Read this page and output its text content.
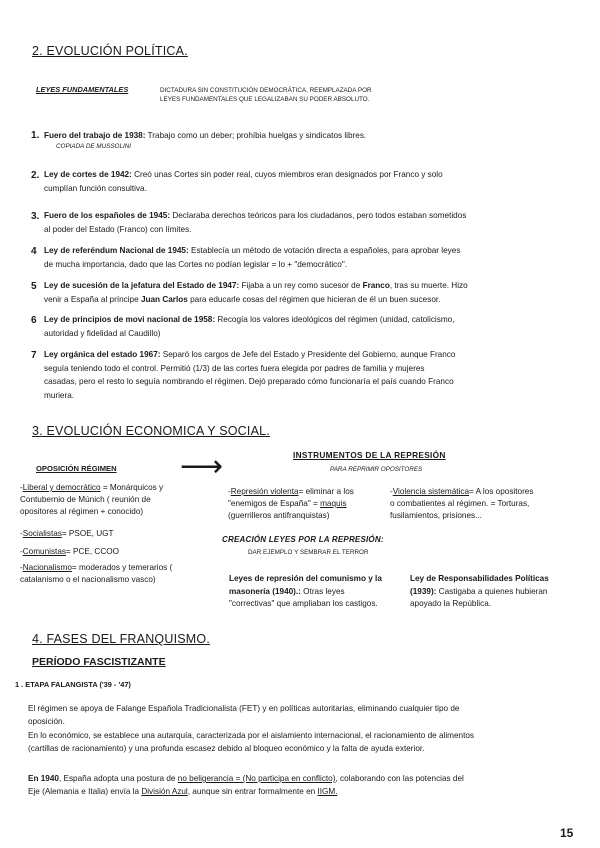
2. EVOLUCIÓN POLÍTICA.
LEYES FUNDAMENTALES	DICTADURA SIN CONSTITUCIÓN DEMOCRÁTICA, REEMPLAZADA POR
LEYES FUNDAMENTALES QUE LEGALIZABAN SU PODER ABSOLUTO.
1. Fuero del trabajo de 1938: Trabajo como un deber; prohíbia huelgas y sindicatos libres.
COPIADA DE MUSSOLINI
2. Ley de cortes de 1942: Creó unas Cortes sin poder real, cuyos miembros eran designados por Franco y solo
cumplían función consultiva.
3. Fuero de los españoles de 1945: Declaraba derechos teóricos para los ciudadanos, pero todos estaban sometidos
al poder del Estado (Franco) con límites.
4 Ley de referéndum Nacional de 1945: Establecía un método de votación directa a españoles, para aprobar leyes
de mucha importancia, dado que las Cortes no podían legislar = lo + "democrático".
5 Ley de sucesión de la jefatura del Estado de 1947: Fijaba a un rey como sucesor de Franco, tras su muerte. Hizo
venir a España al príncipe Juan Carlos para educarle cosas del régimen que hicieran de él un buen sucesor.
6 Ley de principios de movi nacional de 1958: Recogía los valores ideológicos del régimen (unidad, catolicismo,
autoridad y fidelidad al Caudillo)
7 Ley orgánica del estado 1967: Separó los cargos de Jefe del Estado y Presidente del Gobierno, aunque Franco
seguía teniendo todo el control. Permitió (1/3) de las cortes fuera elegida por padres de familia y mujeres
casadas, pero el resto lo seguía nombrando el régimen. Dejó preparado cómo funcionaría el país cuando Franco
muriera.
3. EVOLUCIÓN ECONOMICA Y SOCIAL.
OPOSICIÓN RÉGIMEN ⟶
-Liberal y democrático = Monárquicos y
Contubernio de Múnich ( reunión de
opositores al régimen + conocido)
-Socialistas= PSOE, UGT
-Comunistas= PCE, CCOO
-Nacionalismo= moderados y temerarios (
catalanismo o el nacionalismo vasco)
INSTRUMENTOS DE LA REPRESIÓN
PARA REPRIMIR OPOSITORES
-Represión violenta= eliminar a los
"enemigos de España" = maquis
(guerrilleros antifranquistas)
-Violencia sistemática= A los opositores
o combatientes al régimen. = Torturas,
fusilamientos, prisiones...
CREACIÓN LEYES POR LA REPRESIÓN:
DAR EJEMPLO Y SEMBRAR EL TERROR
Leyes de represión del comunismo y la
masonería (1940).: Otras leyes
"correctivas" que ampliaban los castigos.
Ley de Responsabilidades Políticas
(1939): Castigaba a quienes hubieran
apoyado la República.
4. FASES DEL FRANQUISMO.
PERÍODO FASCISTIZANTE
1 . ETAPA FALANGISTA ('39 - '47)
El régimen se apoya de Falange Española Tradicionalista (FET) y en políticas autoritarias, eliminando cualquier tipo de
oposición.
En lo económico, se establece una autarquía, caracterizada por el aislamiento internacional, el racionamiento de alimentos
(cartillas de racionamiento) y una profunda escasez debido al bloqueo económico y la falta de ayuda exterior.
En 1940, España adopta una postura de no beligerancia = (No participa en conflicto), colaborando con las potencias del
Eje (Alemania e Italia) envía la División Azul, aunque sin entrar formalmente en IIGM.
15
